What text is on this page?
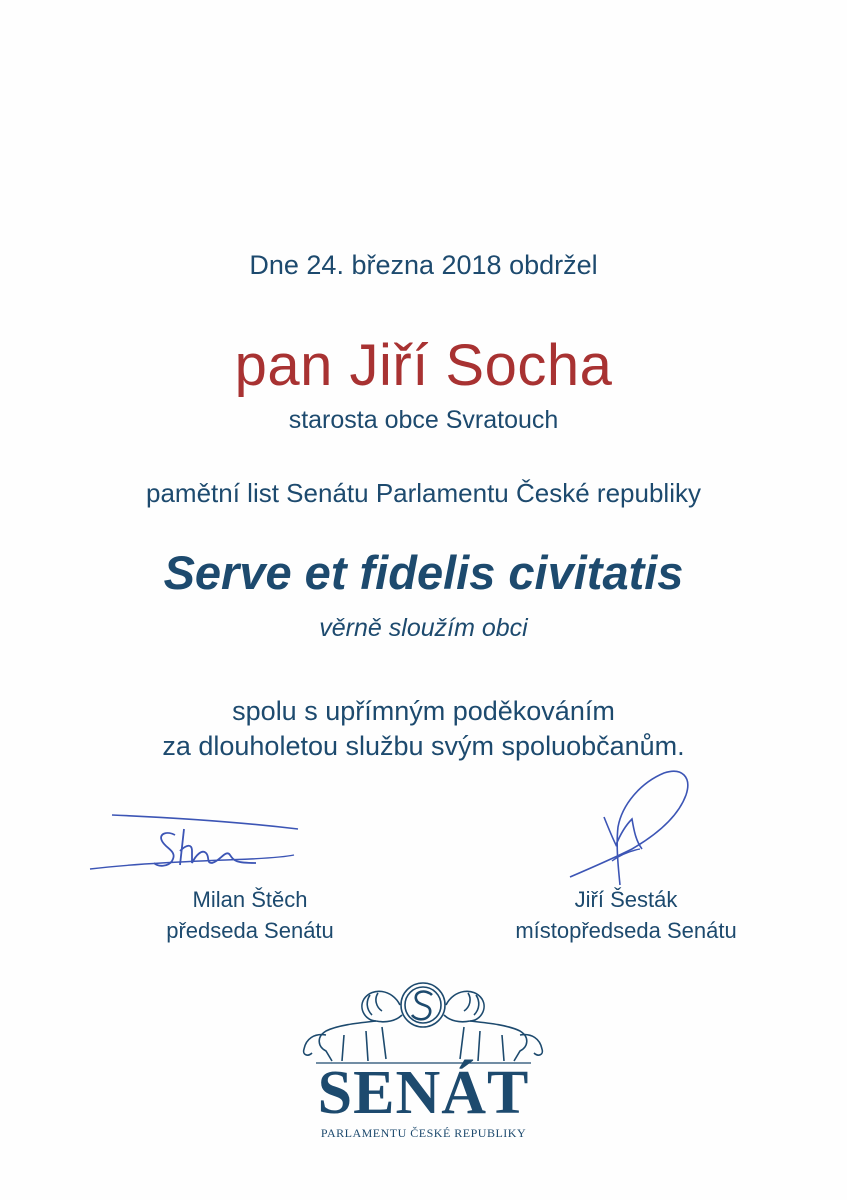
Dne 24. března 2018 obdržel
pan Jiří Socha
starosta obce Svratouch
pamětní list Senátu Parlamentu České republiky
Serve et fidelis civitatis
věrně sloužím obci
spolu s upřímným poděkováním
za dlouholetou službu svým spoluobčanům.
Milan Štěch
předseda Senátu
Jiří Šesták
místopředseda Senátu
SENÁT
PARLAMENTU ČESKÉ REPUBLIKY
